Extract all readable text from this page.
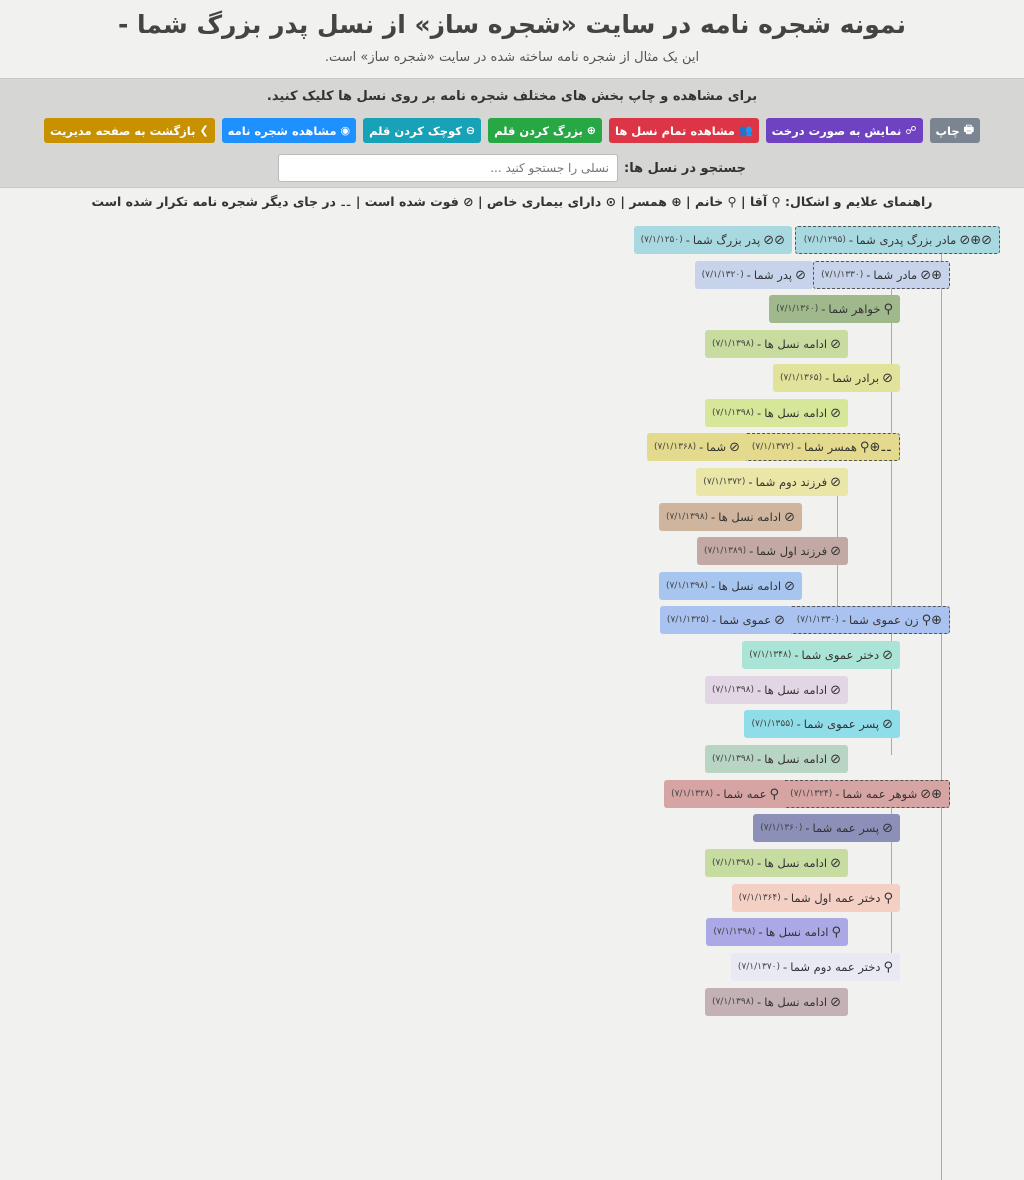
نمونه شجره نامه در سایت «شجره ساز» از نسل پدر بزرگ شما -
این یک مثال از شجره نامه ساخته شده در سایت «شجره ساز» است.
برای مشاهده و چاپ بخش های مختلف شجره نامه بر روی نسل ها کلیک کنید.
🖶
چاپ
☍
نمایش به صورت درخت
👥
مشاهده تمام نسل ها
⊕
بزرگ کردن قلم
⊖
کوچک کردن قلم
◉
مشاهده شجره نامه
❯
بازگشت به صفحه مدیریت
جستجو در نسل ها:
نسلی را جستجو کنید ...
راهنمای علایم و اشکال: ⚲ آقا | ⚲ خانم | ⊕ همسر | ⊙ دارای بیماری خاص | ⊘ فوت شده است | ⚋ در جای دیگر شجره نامه تکرار شده است
⊘⊕⊘
مادر بزرگ پدری شما
-
(۷/۱/۱۲۹۵)
⊘⊘
پدر بزرگ شما
-
(۷/۱/۱۲۵۰)
⊕⊘
مادر شما
-
(۷/۱/۱۳۳۰)
⊘
پدر شما
-
(۷/۱/۱۳۲۰)
⚲
خواهر شما
-
(۷/۱/۱۳۶۰)
⊘
ادامه نسل ها
-
(۷/۱/۱۳۹۸)
⊘
برادر شما
-
(۷/۱/۱۳۶۵)
⊘
ادامه نسل ها
-
(۷/۱/۱۳۹۸)
⚋⊕⚲
همسر شما
-
(۷/۱/۱۳۷۲)
⊘
شما
-
(۷/۱/۱۳۶۸)
⊘
فرزند دوم شما
-
(۷/۱/۱۳۷۲)
⊘
ادامه نسل ها
-
(۷/۱/۱۳۹۸)
⊘
فرزند اول شما
-
(۷/۱/۱۳۸۹)
⊘
ادامه نسل ها
-
(۷/۱/۱۳۹۸)
⊕⚲
زن عموی شما
-
(۷/۱/۱۳۳۰)
⊘
عموی شما
-
(۷/۱/۱۳۲۵)
⊘
دختر عموی شما
-
(۷/۱/۱۳۴۸)
⊘
ادامه نسل ها
-
(۷/۱/۱۳۹۸)
⊘
پسر عموی شما
-
(۷/۱/۱۳۵۵)
⊘
ادامه نسل ها
-
(۷/۱/۱۳۹۸)
⊕⊘
شوهر عمه شما
-
(۷/۱/۱۳۲۴)
⚲
عمه شما
-
(۷/۱/۱۳۲۸)
⊘
پسر عمه شما
-
(۷/۱/۱۳۶۰)
⊘
ادامه نسل ها
-
(۷/۱/۱۳۹۸)
⚲
دختر عمه اول شما
-
(۷/۱/۱۳۶۴)
⚲
ادامه نسل ها
-
(۷/۱/۱۳۹۸)
⚲
دختر عمه دوم شما
-
(۷/۱/۱۳۷۰)
⊘
ادامه نسل ها
-
(۷/۱/۱۳۹۸)
